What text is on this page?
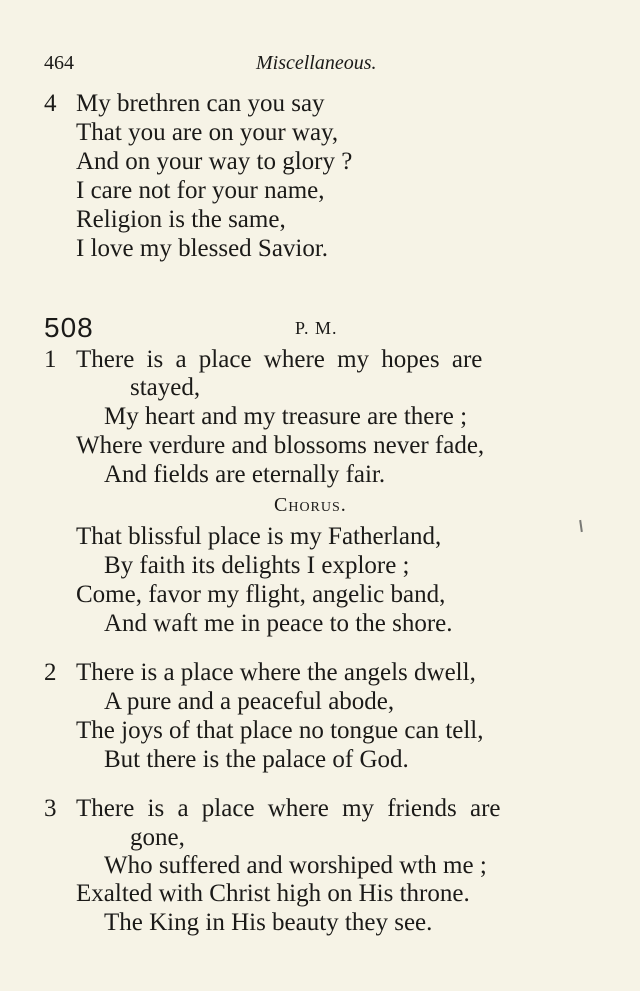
464	Miscellaneous.
4 My brethren can you say
That you are on your way,
And on your way to glory ?
I care not for your name,
Religion is the same,
I love my blessed Savior.
508	P. M.
1 There is a place where my hopes are
stayed,
My heart and my treasure are there ;
Where verdure and blossoms never fade,
And fields are eternally fair.
Chorus.
That blissful place is my Fatherland,
By faith its delights I explore ;
Come, favor my flight, angelic band,
And waft me in peace to the shore.
2 There is a place where the angels dwell,
A pure and a peaceful abode,
The joys of that place no tongue can tell,
But there is the palace of God.
3 There is a place where my friends are
gone,
Who suffered and worshiped wth me ;
Exalted with Christ high on His throne.
The King in His beauty they see.
